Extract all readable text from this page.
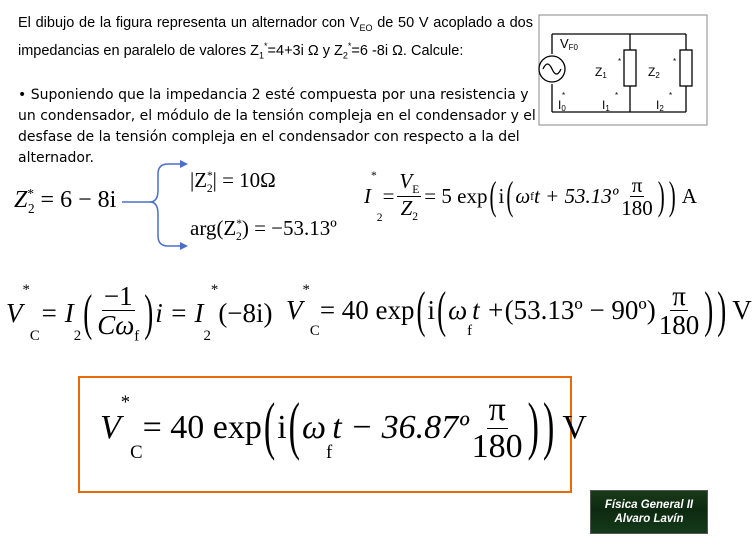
El dibujo de la figura representa un alternador con $V_{EO}$ de 50 V acoplado a dos impedancias en paralelo de valores $Z_1^*=4+3i$ Ω y $Z_2^*=6$ -8i Ω. Calcule:
• Suponiendo que la impedancia 2 esté compuesta por una resistencia y un condensador, el módulo de la tensión compleja en el condensador y el desfase de la tensión compleja en el condensador con respecto a la del alternador.
VF0
Z1
*
Z2
*
I0
*
I1
*
I2
*
$Z^*_2 = 6 - 8i$
$|Z^*_2| = 10\Omega$
$arg(Z^*_2)$ = −53.13º
I
*
2
= $\frac{V_E}{Z_2} = 5$ exp ( i ( ω f t + 53.13º $\frac{\pi}{180}$ ) ) A
V
*
C
= I
$_2$ ( $\frac{-1}{C\omega_f}$ ) i = I
$_2$
*
(−8i) V
*
C
= 40 exp ( i ( ω
$_f$
t + (53.13º − 90º) $\frac{\pi}{180}$ ) ) V
V
*
C
= 40 exp ( i ( ω
$_f$
t − 36.87º $\frac{\pi}{180}$ ) ) V
Física General II
Alvaro Lavín
